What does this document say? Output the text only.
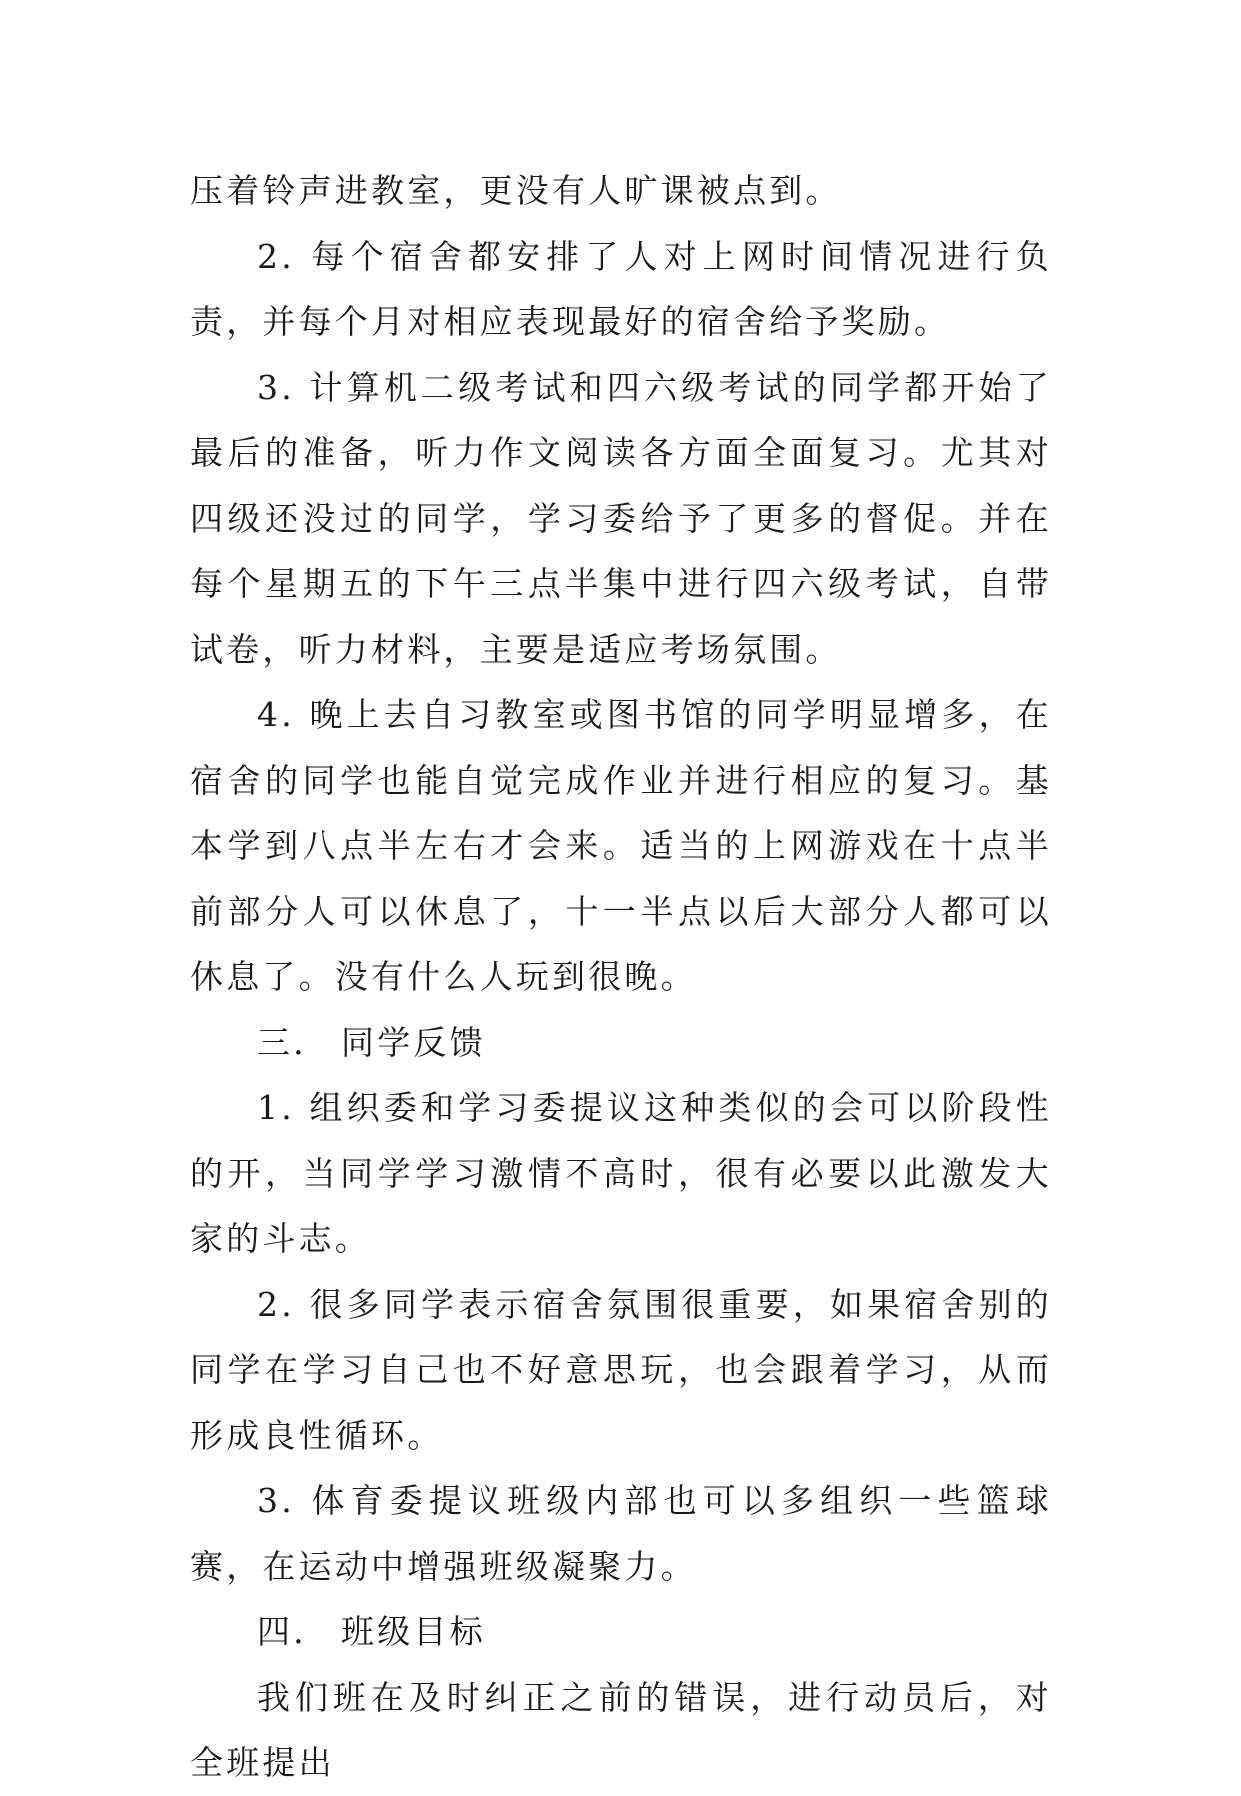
压着铃声进教室，更没有人旷课被点到。

2. 每个宿舍都安排了人对上网时间情况进行负责，并每个月对相应表现最好的宿舍给予奖励。

3. 计算机二级考试和四六级考试的同学都开始了最后的准备，听力作文阅读各方面全面复习。尤其对四级还没过的同学，学习委给予了更多的督促。并在每个星期五的下午三点半集中进行四六级考试，自带试卷，听力材料，主要是适应考场氛围。

4. 晚上去自习教室或图书馆的同学明显增多，在宿舍的同学也能自觉完成作业并进行相应的复习。基本学到八点半左右才会来。适当的上网游戏在十点半前部分人可以休息了，十一半点以后大部分人都可以休息了。没有什么人玩到很晚。

三． 同学反馈

1. 组织委和学习委提议这种类似的会可以阶段性的开，当同学学习激情不高时，很有必要以此激发大家的斗志。

2. 很多同学表示宿舍氛围很重要，如果宿舍别的同学在学习自己也不好意思玩，也会跟着学习，从而形成良性循环。

3. 体育委提议班级内部也可以多组织一些篮球赛，在运动中增强班级凝聚力。

四． 班级目标

我们班在及时纠正之前的错误，进行动员后，对全班提出
